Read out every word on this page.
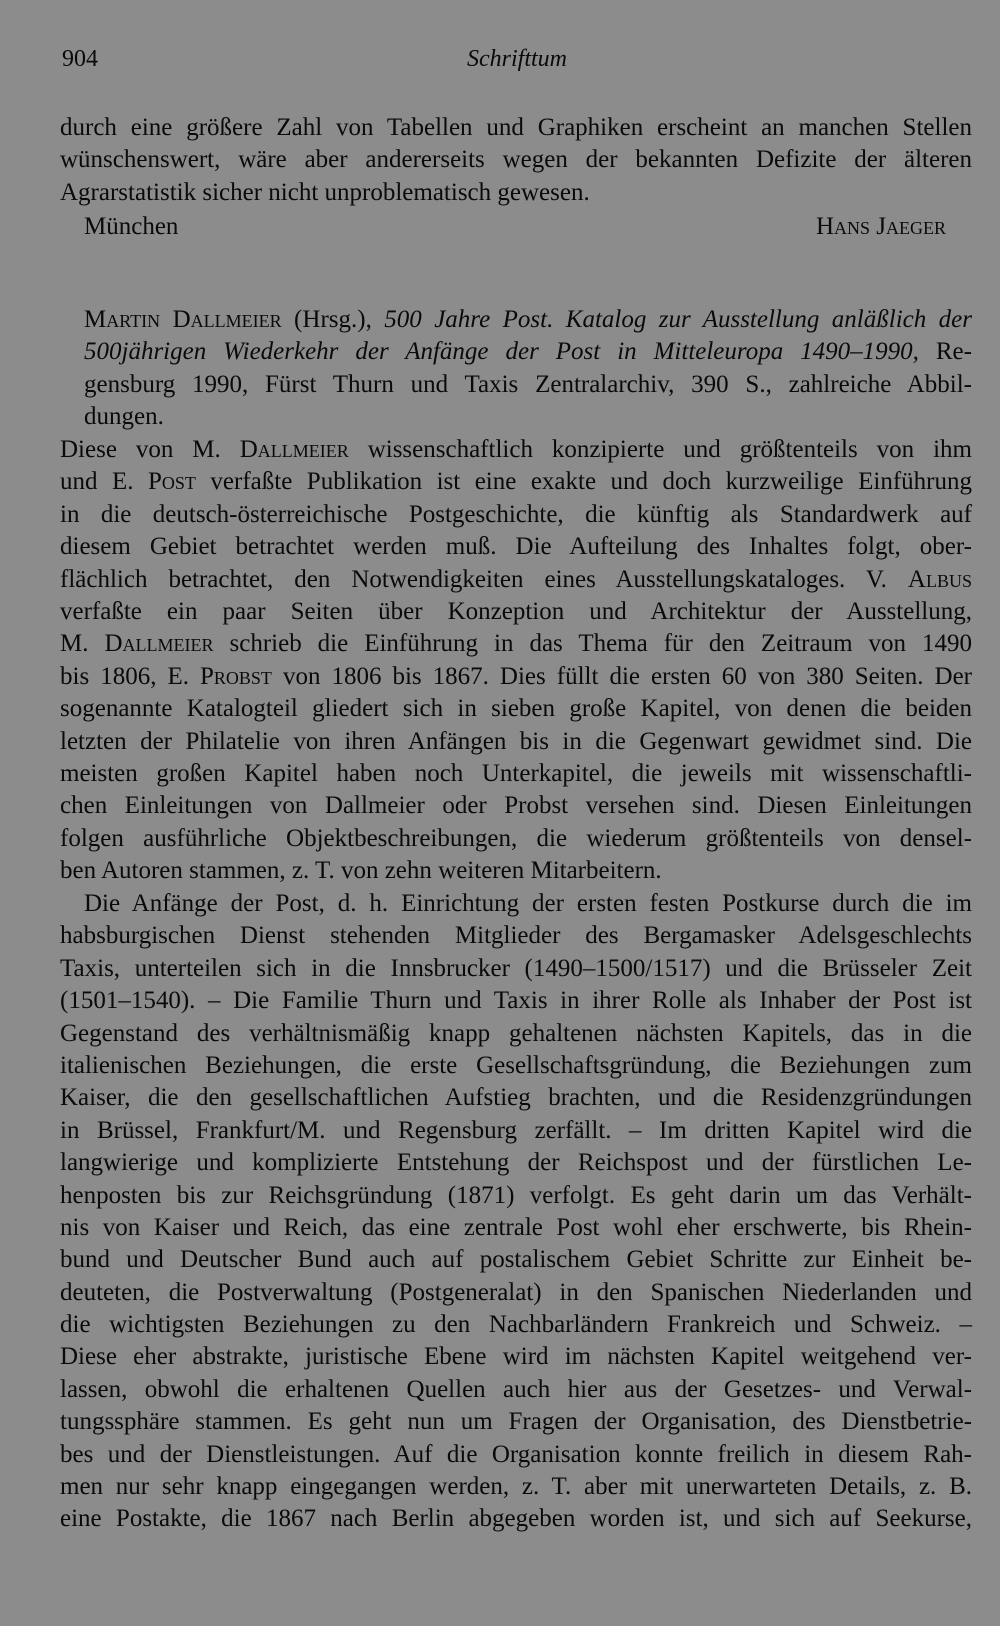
904	Schrifttum
durch eine größere Zahl von Tabellen und Graphiken erscheint an manchen Stellen
wünschenswert, wäre aber andererseits wegen der bekannten Defizite der älteren
Agrarstatistik sicher nicht unproblematisch gewesen.
München	Hans Jaeger
Martin Dallmeier (Hrsg.), 500 Jahre Post. Katalog zur Ausstellung anläßlich der
500jährigen Wiederkehr der Anfänge der Post in Mitteleuropa 1490–1990, Re-
gensburg 1990, Fürst Thurn und Taxis Zentralarchiv, 390 S., zahlreiche Abbil-
dungen.
Diese von M. Dallmeier wissenschaftlich konzipierte und größtenteils von ihm
und E. Post verfaßte Publikation ist eine exakte und doch kurzweilige Einführung
in die deutsch-österreichische Postgeschichte, die künftig als Standardwerk auf
diesem Gebiet betrachtet werden muß. Die Aufteilung des Inhaltes folgt, ober-
flächlich betrachtet, den Notwendigkeiten eines Ausstellungskataloges. V. Albus
verfaßte ein paar Seiten über Konzeption und Architektur der Ausstellung,
M. Dallmeier schrieb die Einführung in das Thema für den Zeitraum von 1490
bis 1806, E. Probst von 1806 bis 1867. Dies füllt die ersten 60 von 380 Seiten. Der
sogenannte Katalogteil gliedert sich in sieben große Kapitel, von denen die beiden
letzten der Philatelie von ihren Anfängen bis in die Gegenwart gewidmet sind. Die
meisten großen Kapitel haben noch Unterkapitel, die jeweils mit wissenschaftli-
chen Einleitungen von Dallmeier oder Probst versehen sind. Diesen Einleitungen
folgen ausführliche Objektbeschreibungen, die wiederum größtenteils von densel-
ben Autoren stammen, z. T. von zehn weiteren Mitarbeitern.
Die Anfänge der Post, d. h. Einrichtung der ersten festen Postkurse durch die im
habsburgischen Dienst stehenden Mitglieder des Bergamasker Adelsgeschlechts
Taxis, unterteilen sich in die Innsbrucker (1490–1500/1517) und die Brüsseler Zeit
(1501–1540). – Die Familie Thurn und Taxis in ihrer Rolle als Inhaber der Post ist
Gegenstand des verhältnismäßig knapp gehaltenen nächsten Kapitels, das in die
italienischen Beziehungen, die erste Gesellschaftsgründung, die Beziehungen zum
Kaiser, die den gesellschaftlichen Aufstieg brachten, und die Residenzgründungen
in Brüssel, Frankfurt/M. und Regensburg zerfällt. – Im dritten Kapitel wird die
langwierige und komplizierte Entstehung der Reichspost und der fürstlichen Le-
henposten bis zur Reichsgründung (1871) verfolgt. Es geht darin um das Verhält-
nis von Kaiser und Reich, das eine zentrale Post wohl eher erschwerte, bis Rhein-
bund und Deutscher Bund auch auf postalischem Gebiet Schritte zur Einheit be-
deuteten, die Postverwaltung (Postgeneralat) in den Spanischen Niederlanden und
die wichtigsten Beziehungen zu den Nachbarländern Frankreich und Schweiz. –
Diese eher abstrakte, juristische Ebene wird im nächsten Kapitel weitgehend ver-
lassen, obwohl die erhaltenen Quellen auch hier aus der Gesetzes- und Verwal-
tungssphäre stammen. Es geht nun um Fragen der Organisation, des Dienstbetrie-
bes und der Dienstleistungen. Auf die Organisation konnte freilich in diesem Rah-
men nur sehr knapp eingegangen werden, z. T. aber mit unerwarteten Details, z. B.
eine Postakte, die 1867 nach Berlin abgegeben worden ist, und sich auf Seekurse,
